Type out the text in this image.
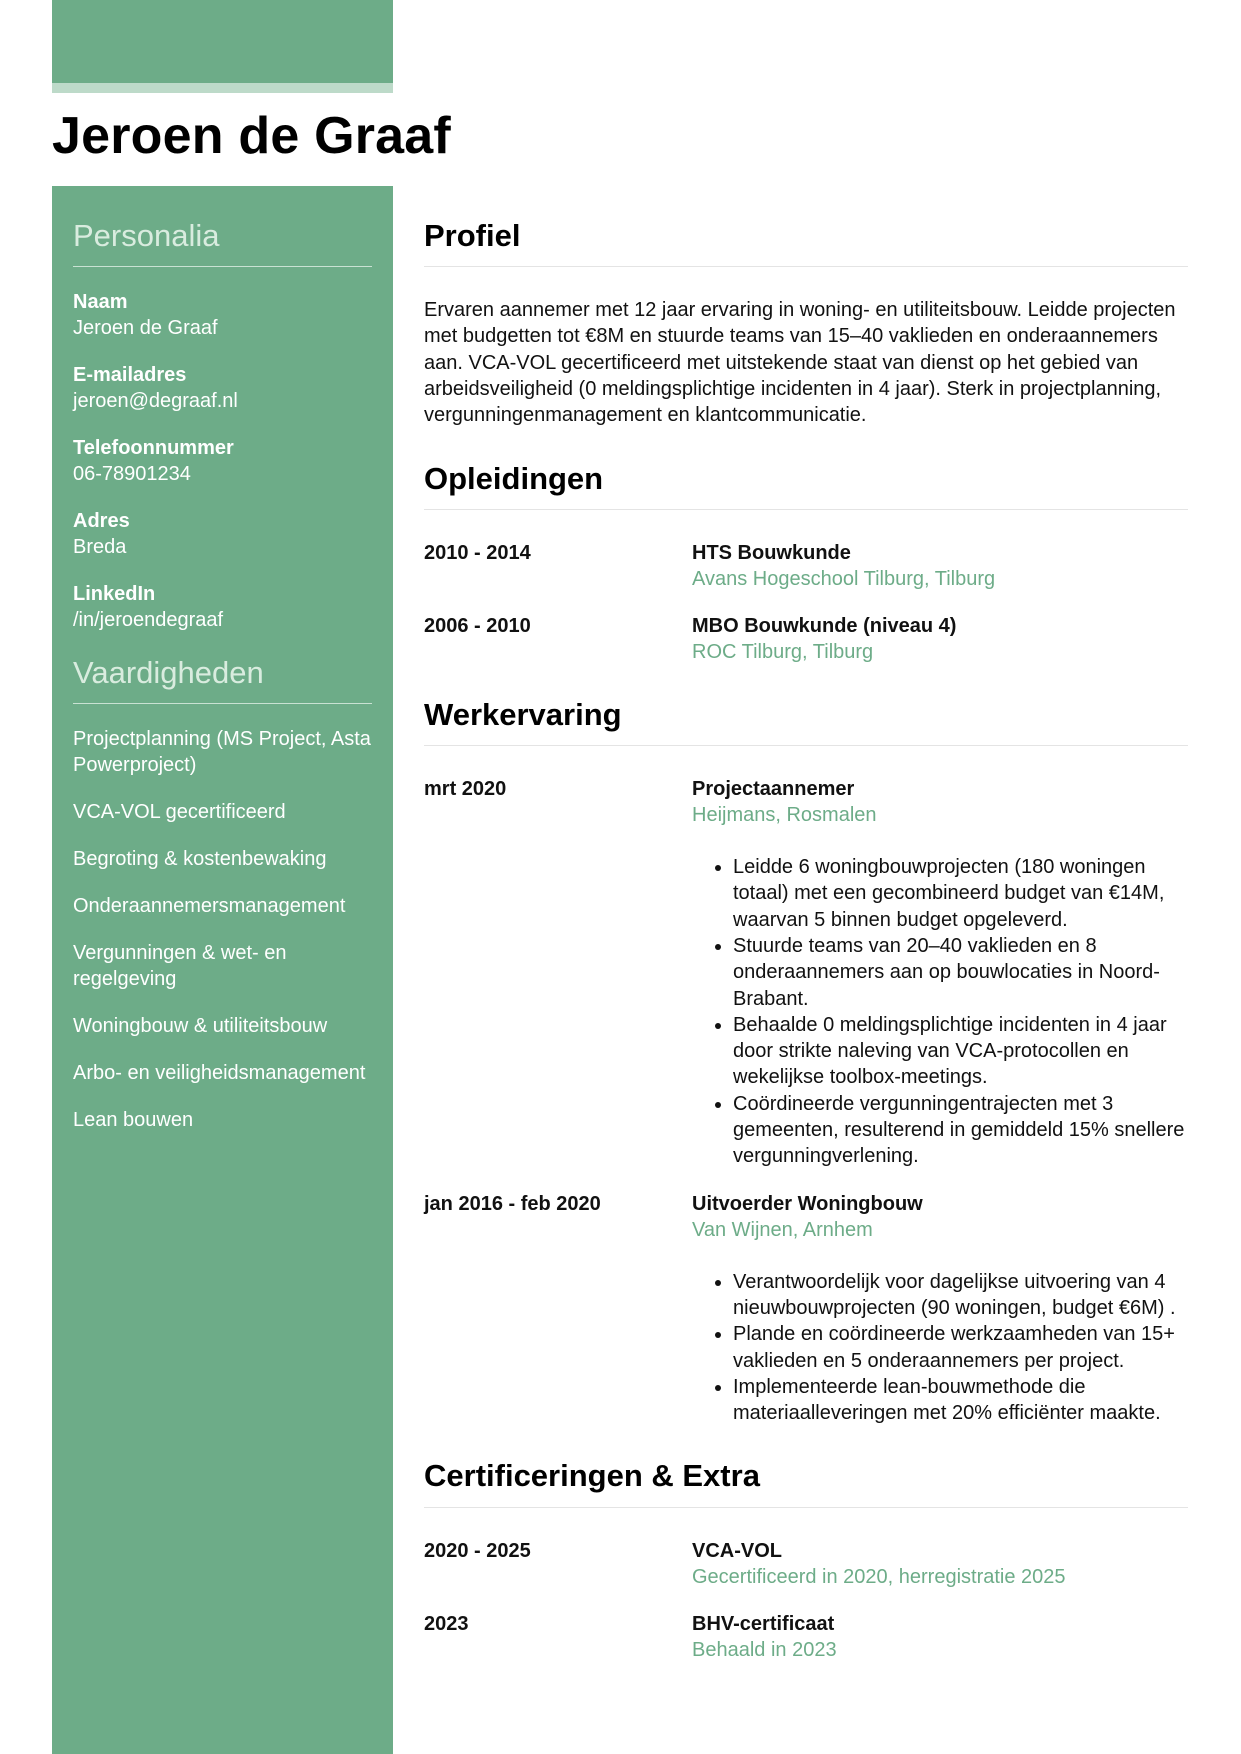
Jeroen de Graaf
Personalia
Naam
Jeroen de Graaf
E-mailadres
jeroen@degraaf.nl
Telefoonnummer
06-78901234
Adres
Breda
LinkedIn
/in/jeroendegraaf
Vaardigheden
Projectplanning (MS Project, Asta Powerproject)
VCA-VOL gecertificeerd
Begroting & kostenbewaking
Onderaannemersmanagement
Vergunningen & wet- en regelgeving
Woningbouw & utiliteitsbouw
Arbo- en veiligheidsmanagement
Lean bouwen
Profiel

Ervaren aannemer met 12 jaar ervaring in woning- en utiliteitsbouw. Leidde projecten met budgetten tot €8M en stuurde teams van 15–40 vaklieden en onderaannemers aan. VCA-VOL gecertificeerd met uitstekende staat van dienst op het gebied van arbeidsveiligheid (0 meldingsplichtige incidenten in 4 jaar). Sterk in projectplanning, vergunningenmanagement en klantcommunicatie.

Opleidingen
2010 - 2014	HTS Bouwkunde
Avans Hogeschool Tilburg, Tilburg
2006 - 2010	MBO Bouwkunde (niveau 4)
ROC Tilburg, Tilburg
Werkervaring
mrt 2020	Projectaannemer
Heijmans, Rosmalen
• Leidde 6 woningbouwprojecten (180 woningen totaal) met een gecombineerd budget van €14M, waarvan 5 binnen budget opgeleverd.
• Stuurde teams van 20–40 vaklieden en 8 onderaannemers aan op bouwlocaties in Noord-Brabant.
• Behaalde 0 meldingsplichtige incidenten in 4 jaar door strikte naleving van VCA-protocollen en wekelijkse toolbox-meetings.
• Coördineerde vergunningentrajecten met 3 gemeenten, resulterend in gemiddeld 15% snellere vergunningverlening.
jan 2016 - feb 2020	Uitvoerder Woningbouw
Van Wijnen, Arnhem
• Verantwoordelijk voor dagelijkse uitvoering van 4 nieuwbouwprojecten (90 woningen, budget €6M) .
• Plande en coördineerde werkzaamheden van 15+ vaklieden en 5 onderaannemers per project.
• Implementeerde lean-bouwmethode die materiaalleveringen met 20% efficiënter maakte.
Certificeringen & Extra
2020 - 2025	VCA-VOL
Gecertificeerd in 2020, herregistratie 2025
2023	BHV-certificaat
Behaald in 2023
